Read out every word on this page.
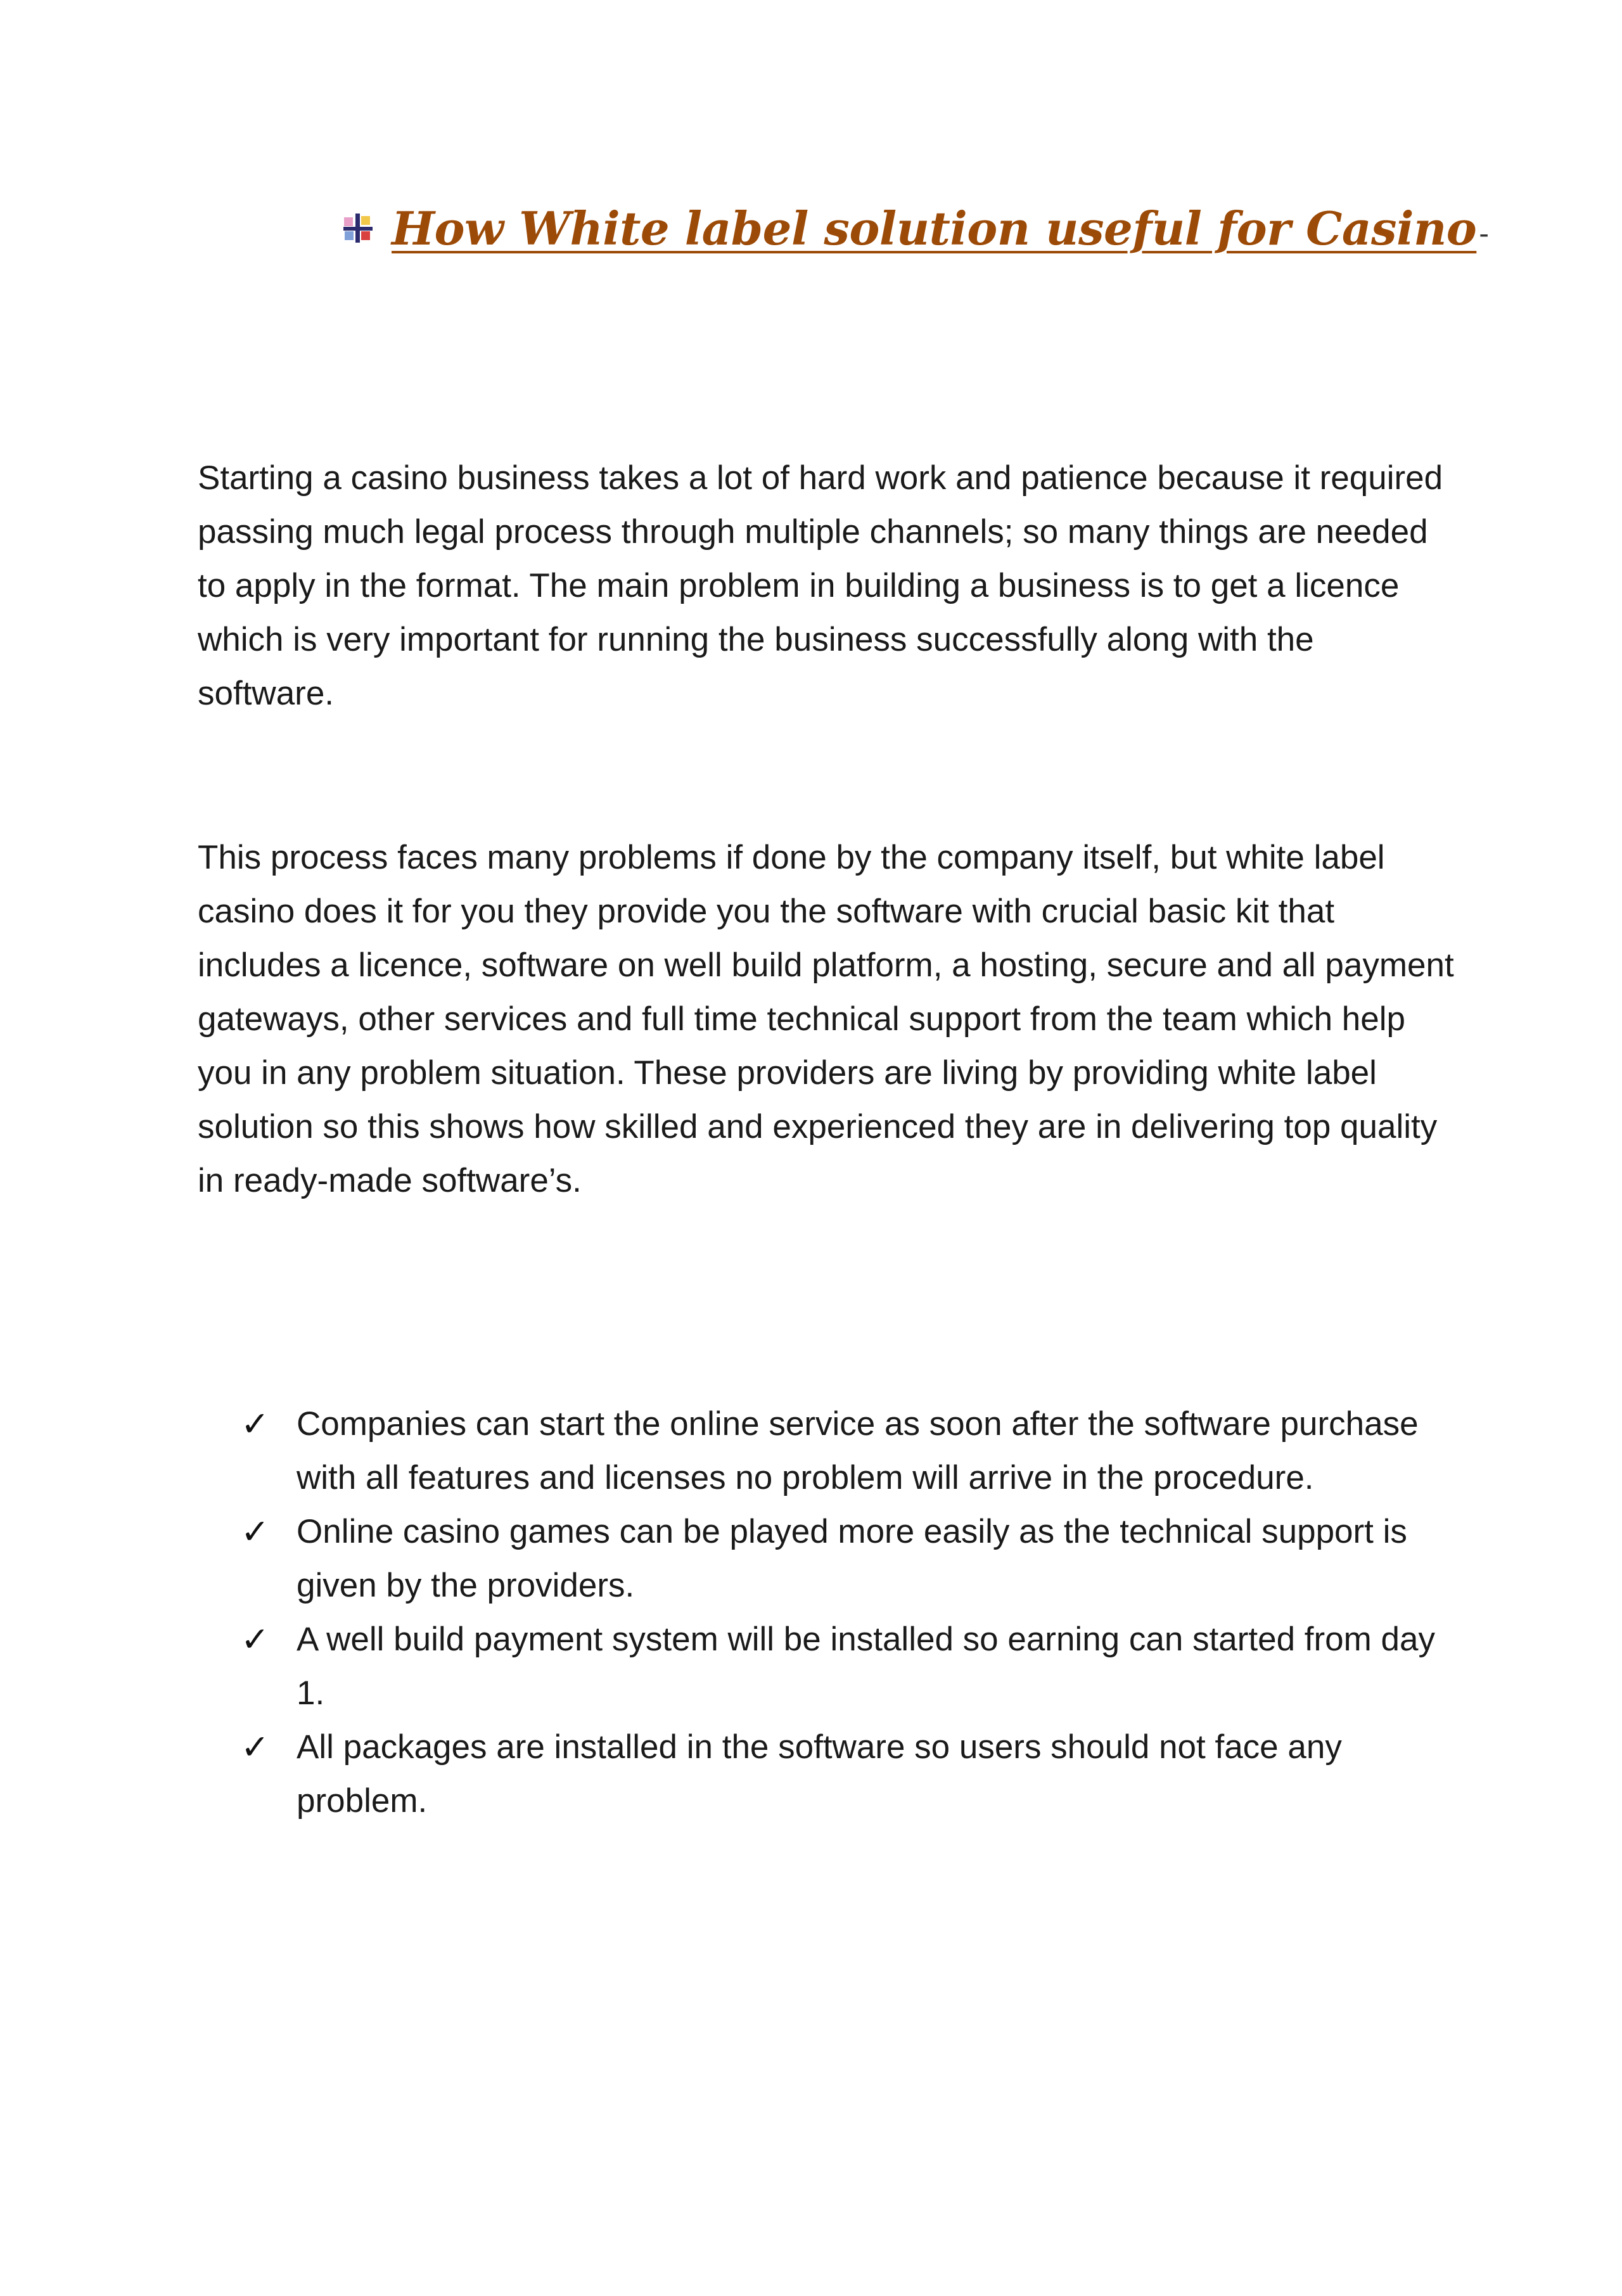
How White label solution useful for Casino -

Starting a casino business takes a lot of hard work and patience because it required passing much legal process through multiple channels; so many things are needed to apply in the format. The main problem in building a business is to get a licence which is very important for running the business successfully along with the software.

This process faces many problems if done by the company itself, but white label casino does it for you they provide you the software with crucial basic kit that includes a licence, software on well build platform, a hosting, secure and all payment gateways, other services and full time technical support from the team which help you in any problem situation. These providers are living by providing white label solution so this shows how skilled and experienced they are in delivering top quality in ready-made software’s.

✓ Companies can start the online service as soon after the software purchase with all features and licenses no problem will arrive in the procedure.
✓ Online casino games can be played more easily as the technical support is given by the providers.
✓ A well build payment system will be installed so earning can started from day 1.
✓ All packages are installed in the software so users should not face any problem.
